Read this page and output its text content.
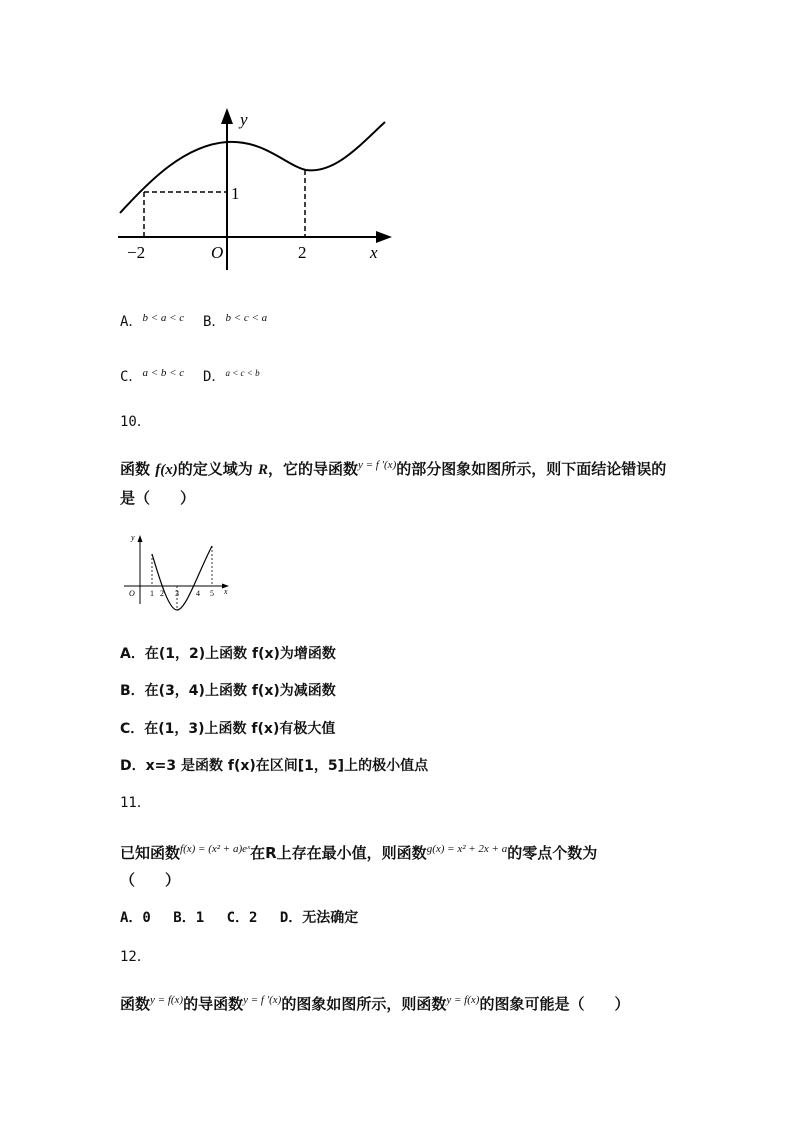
y
1
−2	O	2	x
A．$^{b < a < c}$ B．$^{b < c < a}$
C．$^{a < b < c}$ D．$^{a < c < b}$
10．
函数 f(x)的定义域为 R，它的导函数$^{y = f '(x)}$的部分图象如图所示，则下面结论错误的
是（　　）
y
O 1 2 3 4 5 x
A．在(1，2)上函数 f(x)为增函数
B．在(3，4)上函数 f(x)为减函数
C．在(1，3)上函数 f(x)有极大值
D．x=3 是函数 f(x)在区间[1，5]上的极小值点
11．
已知函数$^{f(x) = (x^2 + a)eˣ}$在R上存在最小值，则函数$^{g(x) = x^2 + 2x + a}$的零点个数为
（　　）
A．0　 B．1　 C．2　 D．无法确定
12．
函数$^{y = f(x)}$的导函数$^{y = f '(x)}$的图象如图所示，则函数$^{y = f(x)}$的图象可能是（　　）
